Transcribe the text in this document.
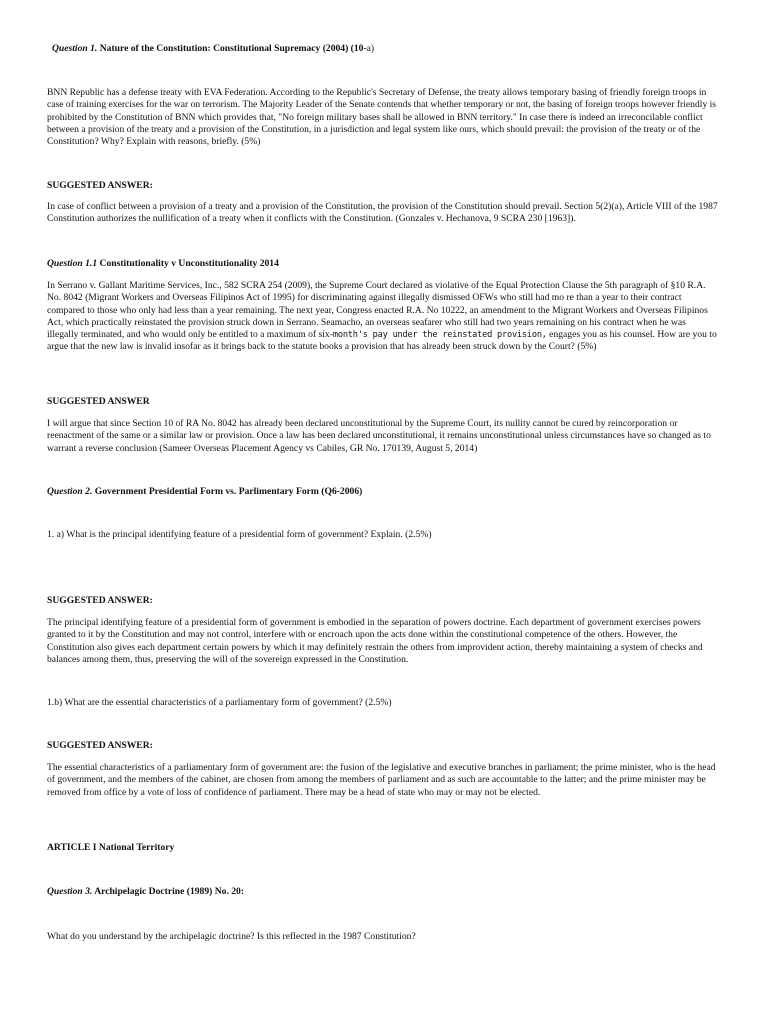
Question 1. Nature of the Constitution: Constitutional Supremacy (2004) (10-a)

BNN Republic has a defense treaty with EVA Federation. According to the Republic's Secretary of Defense, the treaty allows temporary basing of friendly foreign troops in case of training exercises for the war on terrorism. The Majority Leader of the Senate contends that whether temporary or not, the basing of foreign troops however friendly is prohibited by the Constitution of BNN which provides that, "No foreign military bases shall be allowed in BNN territory." In case there is indeed an irreconcilable conflict between a provision of the treaty and a provision of the Constitution, in a jurisdiction and legal system like ours, which should prevail: the provision of the treaty or of the Constitution? Why? Explain with reasons, briefly. (5%)

SUGGESTED ANSWER:

In case of conflict between a provision of a treaty and a provision of the Constitution, the provision of the Constitution should prevail. Section 5(2)(a), Article VIII of the 1987 Constitution authorizes the nullification of a treaty when it conflicts with the Constitution. (Gonzales v. Hechanova, 9 SCRA 230 [1963]).

Question 1.1 Constitutionality v Unconstitutionality 2014

In Serrano v. Gallant Maritime Services, Inc., 582 SCRA 254 (2009), the Supreme Court declared as violative of the Equal Protection Clause the 5th paragraph of §10 R.A. No. 8042 (Migrant Workers and Overseas Filipinos Act of 1995) for discriminating against illegally dismissed OFWs who still had mo re than a year to their contract compared to those who only had less than a year remaining. The next year, Congress enacted R.A. No 10222, an amendment to the Migrant Workers and Overseas Filipinos Act, which practically reinstated the provision struck down in Serrano. Seamacho, an overseas seafarer who still had two years remaining on his contract when he was illegally terminated, and who would only be entitled to a maximum of six-month's pay under the reinstated provision, engages you as his counsel. How are you to argue that the new law is invalid insofar as it brings back to the statute books a provision that has already been struck down by the Court? (5%)

SUGGESTED ANSWER

I will argue that since Section 10 of RA No. 8042 has already been declared unconstitutional by the Supreme Court, its nullity cannot be cured by reincorporation or reenactment of the same or a similar law or provision. Once a law has been declared unconstitutional, it remains unconstitutional unless circumstances have so changed as to warrant a reverse conclusion (Sameer Overseas Placement Agency vs Cabiles, GR No. 170139, August 5, 2014)

Question 2. Government Presidential Form vs. Parlimentary Form (Q6-2006)

1. a) What is the principal identifying feature of a presidential form of government? Explain. (2.5%)

SUGGESTED ANSWER:

The principal identifying feature of a presidential form of government is embodied in the separation of powers doctrine. Each department of government exercises powers granted to it by the Constitution and may not control, interfere with or encroach upon the acts done within the constitutional competence of the others. However, the Constitution also gives each department certain powers by which it may definitely restrain the others from improvident action, thereby maintaining a system of checks and balances among them, thus, preserving the will of the sovereign expressed in the Constitution.

1.b) What are the essential characteristics of a parliamentary form of government? (2.5%)

SUGGESTED ANSWER:

The essential characteristics of a parliamentary form of government are: the fusion of the legislative and executive branches in parliament; the prime minister, who is the head of government, and the members of the cabinet, are chosen from among the members of parliament and as such are accountable to the latter; and the prime minister may be removed from office by a vote of loss of confidence of parliament. There may be a head of state who may or may not be elected.

ARTICLE I National Territory

Question 3. Archipelagic Doctrine (1989) No. 20:

What do you understand by the archipelagic doctrine? Is this reflected in the 1987 Constitution?
